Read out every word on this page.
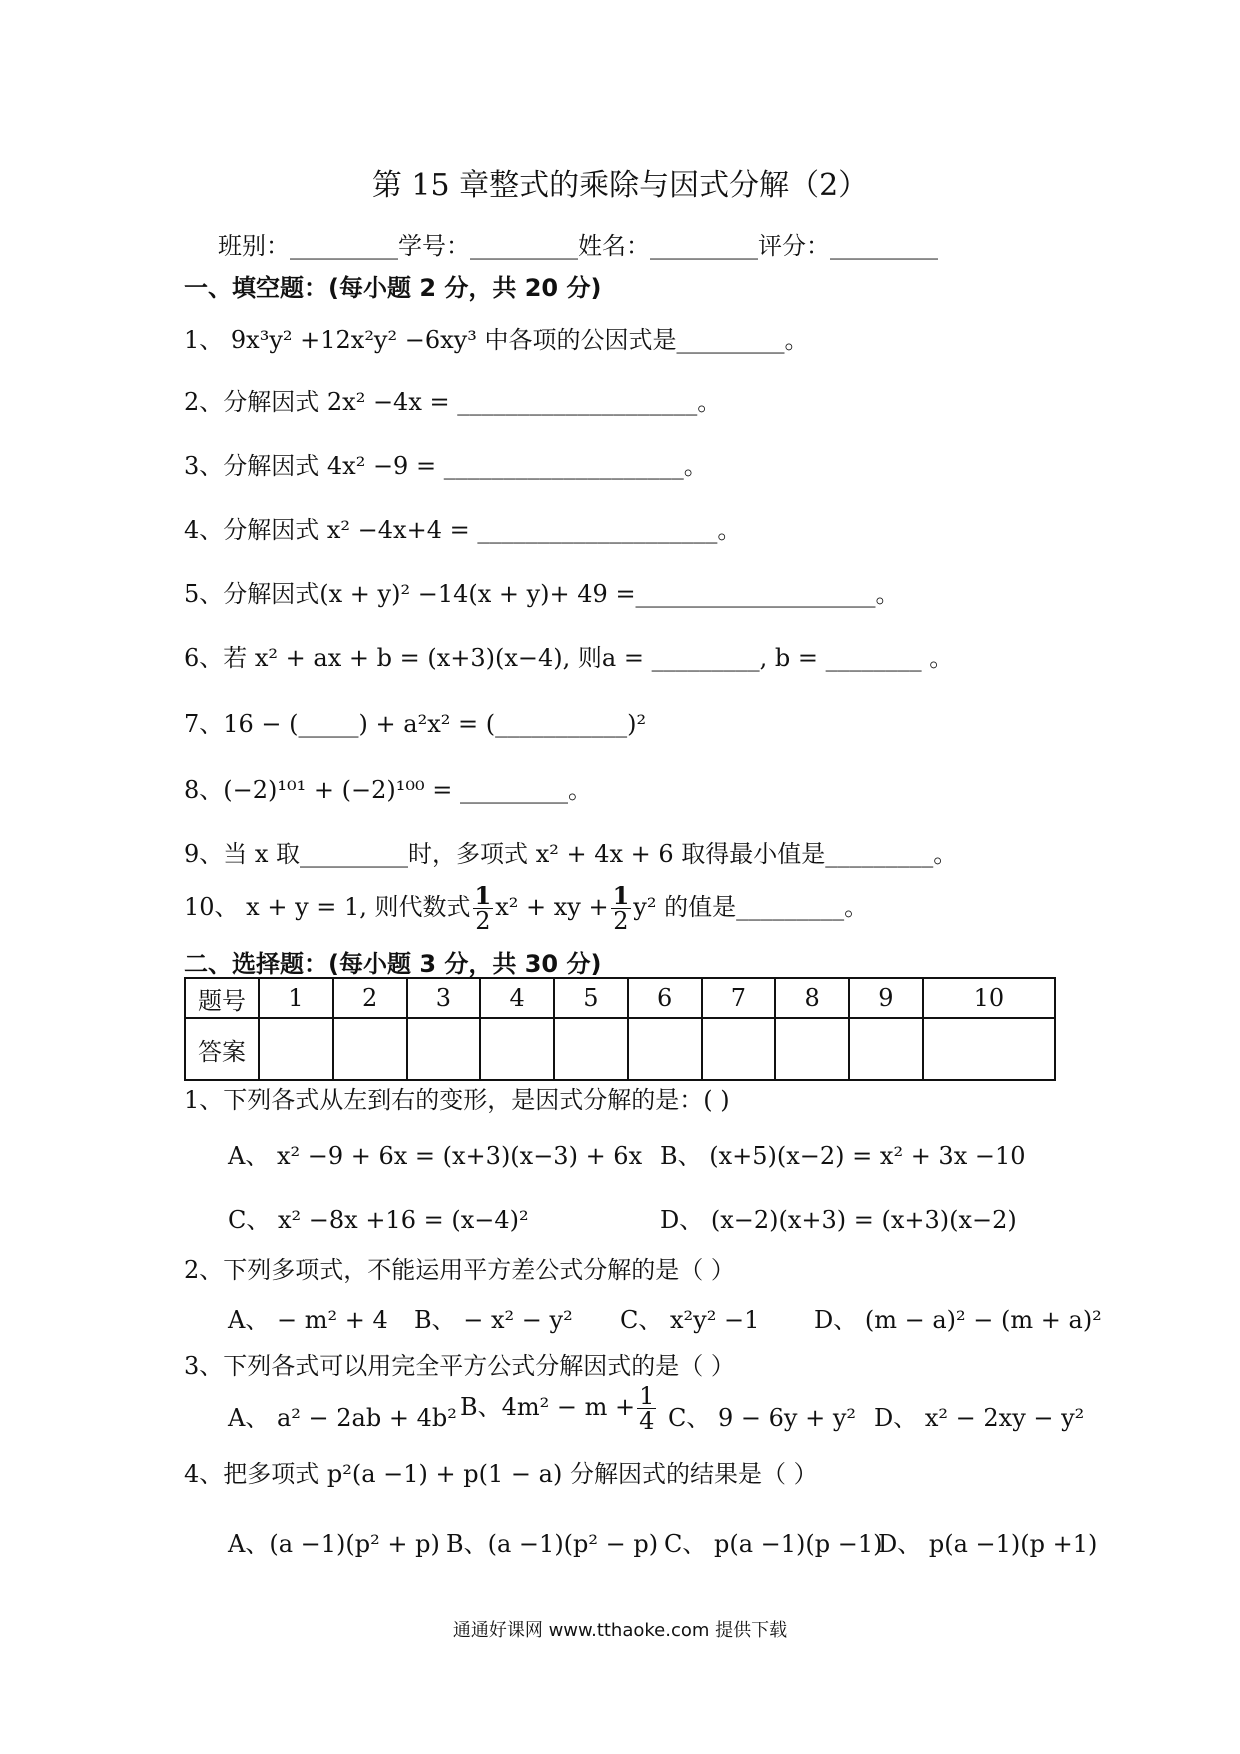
第 15 章整式的乘除与因式分解（2）
班别：_________学号：_________姓名：_________评分：_________
一、填空题：(每小题 2 分，共 20 分)
1、 9x³y² +12x²y² −6xy³ 中各项的公因式是_________。
2、分解因式 2x² −4x = ____________________。
3、分解因式 4x² −9 = ____________________。
4、分解因式 x² −4x+4 = ____________________。
5、分解因式(x + y)² −14(x + y)+ 49 =____________________。
6、若 x² + ax + b = (x+3)(x−4), 则a = _________, b = ________ 。
7、16 − (_____) + a²x² = (___________)²
8、(−2)¹⁰¹ + (−2)¹⁰⁰ = _________。
9、当 x 取_________时，多项式 x² + 4x + 6 取得最小值是_________。
10、 x + y = 1, 则代数式 $\frac{1}{2} x^2$ + xy + $\frac{1}{2} y^2$ 的值是_________。
二、选择题：(每小题 3 分，共 30 分)
题号	1	2	3	4	5	6	7	8	9	10
答案										
1、下列各式从左到右的变形，是因式分解的是：( )
A、 x² −9 + 6x = (x+3)(x−3) + 6x B、 (x+5)(x−2) = x² + 3x −10
C、 x² −8x +16 = (x−4)²	D、 (x−2)(x+3) = (x+3)(x−2)
2、下列多项式，不能运用平方差公式分解的是（ ）
A、 − m² + 4 B、 − x² − y² C、 x²y² −1 D、 (m − a)² − (m + a)²
3、下列各式可以用完全平方公式分解因式的是（ ）
A、 a² − 2ab + 4b² B、$4m^2 - m + \frac{1}{4}$ C、 9 − 6y + y² D、 x² − 2xy − y²
4、把多项式 p²(a −1) + p(1 − a) 分解因式的结果是（ ）
A、(a −1)(p² + p) B、(a −1)(p² − p) C、 p(a −1)(p −1)
D、 p(a −1)(p +1)
通通好课网 www.tthaoke.com 提供下载
